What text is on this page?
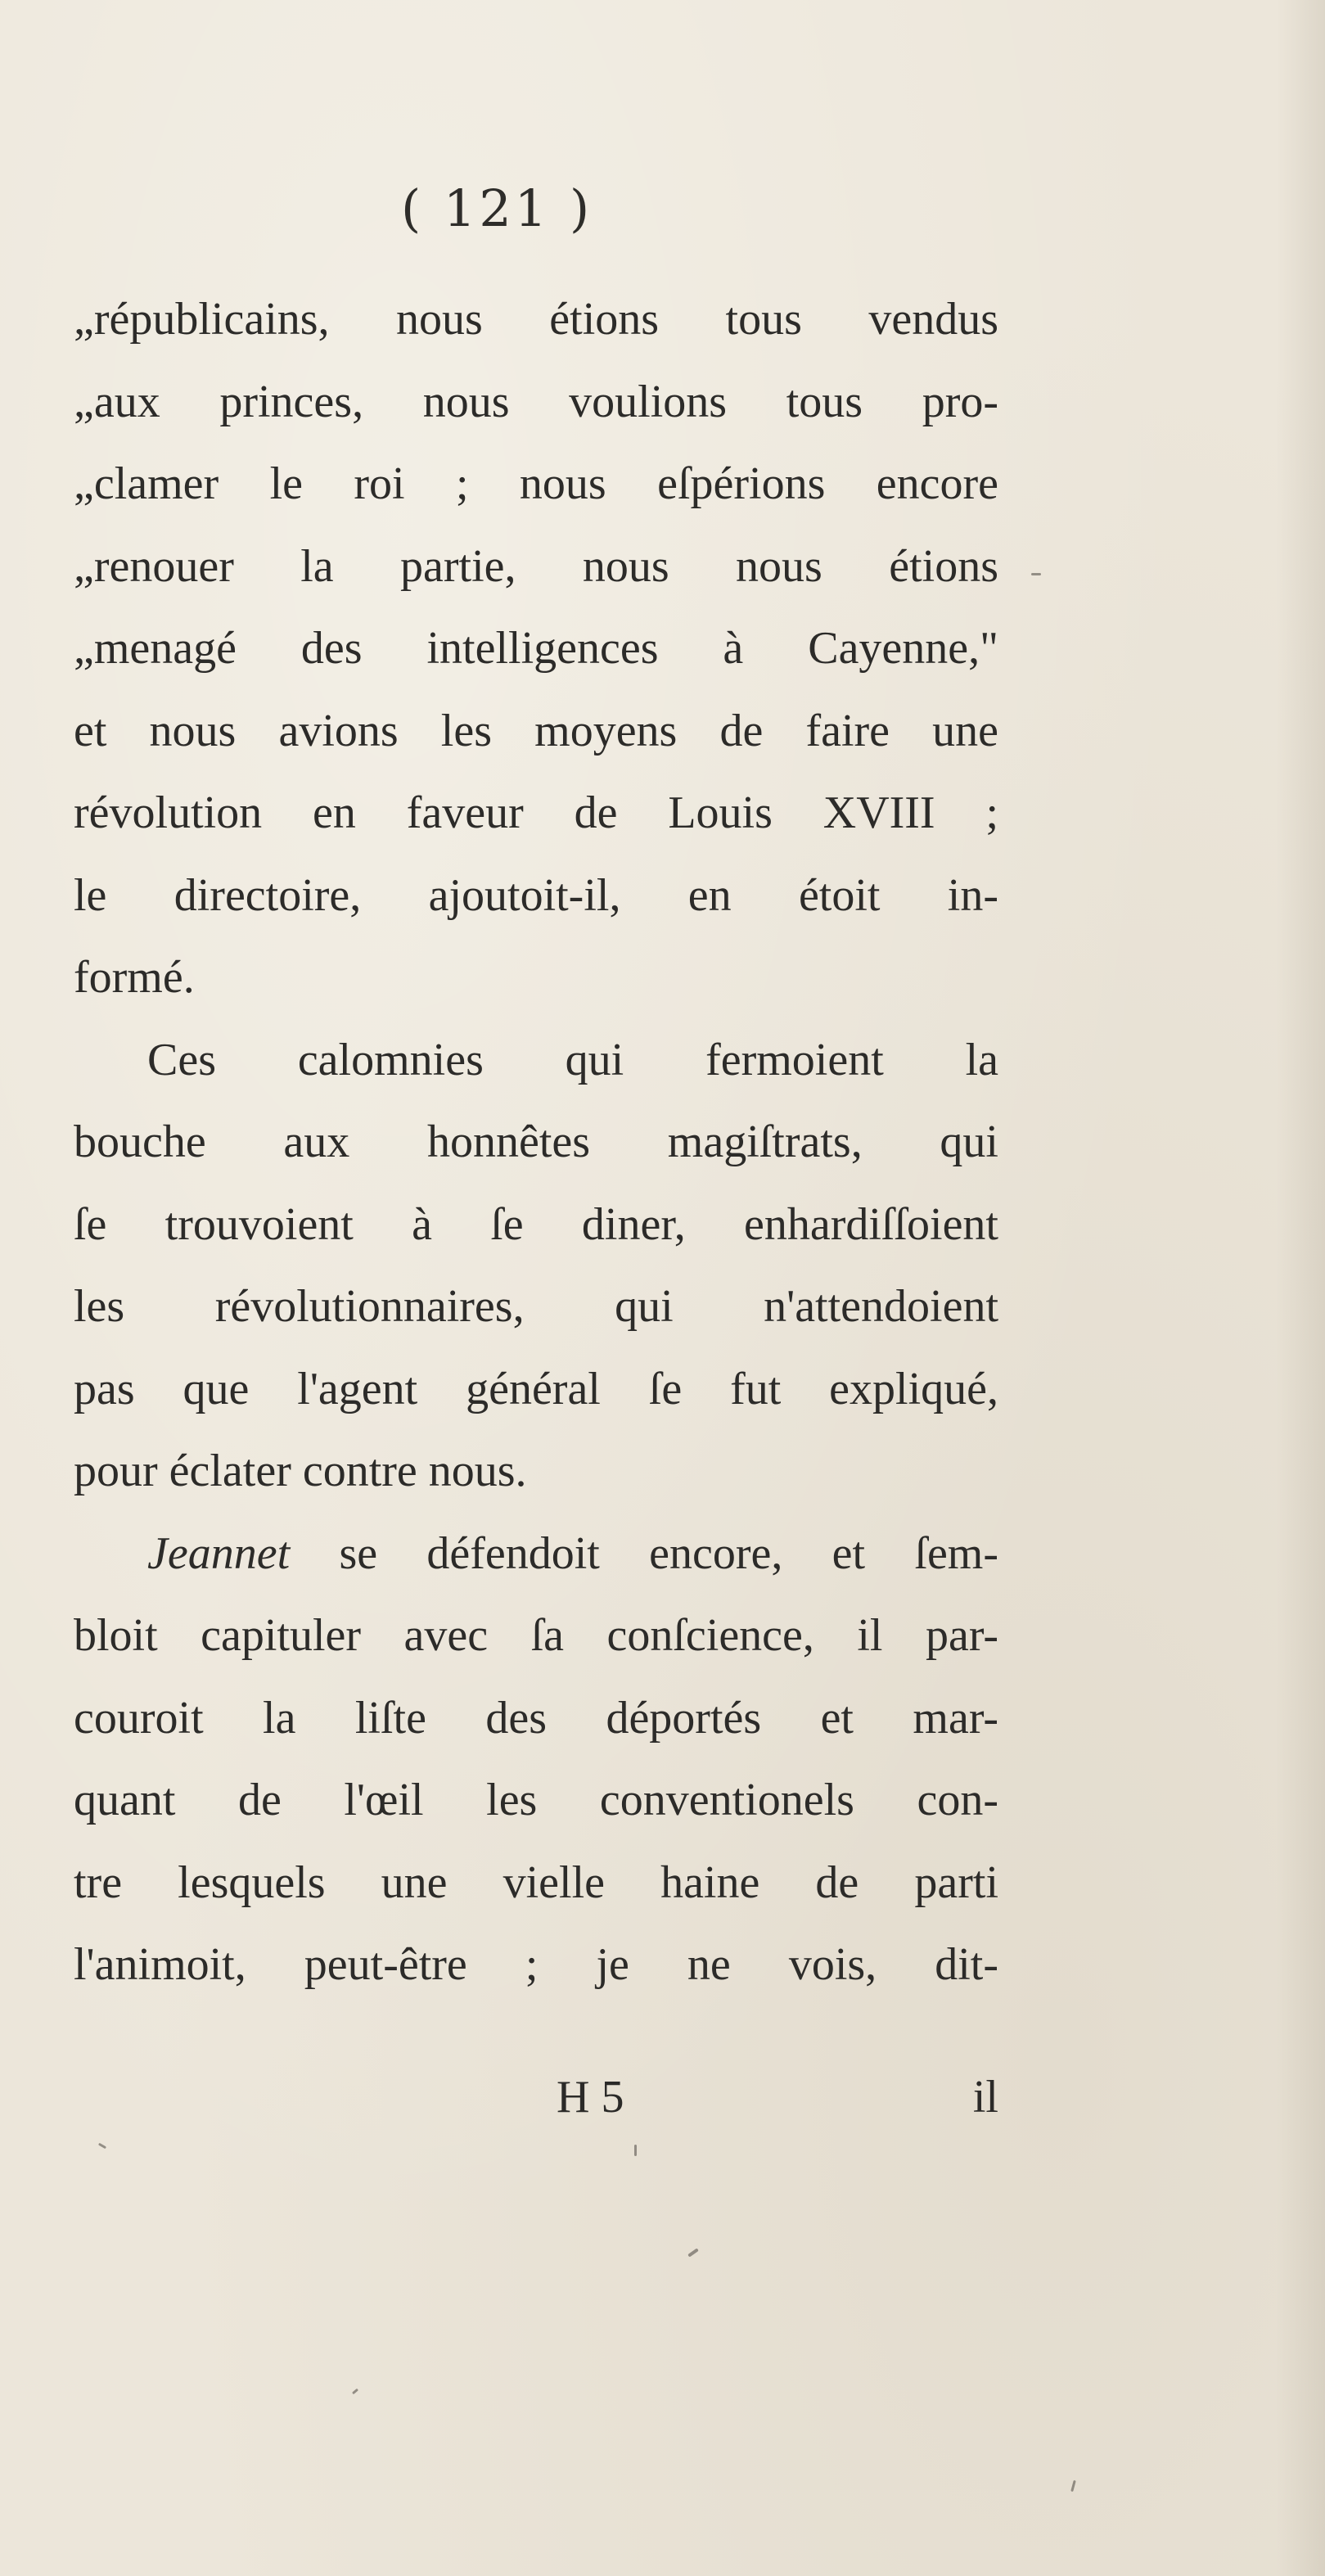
( 121 )
„républicains, nous étions tous vendus
„aux princes, nous voulions tous pro-
„clamer le roi ; nous eſpérions encore
„renouer la partie, nous nous étions
„menagé des intelligences à Cayenne,"
et nous avions les moyens de faire une
révolution en faveur de Louis XVIII ;
le directoire, ajoutoit-il, en étoit in-
formé.
Ces calomnies qui fermoient la
bouche aux honnêtes magiſtrats, qui
ſe trouvoient à ſe diner, enhardiſſoient
les révolutionnaires, qui n'attendoient
pas que l'agent général ſe fut expliqué,
pour éclater contre nous.
Jeannet se défendoit encore, et ſem-
bloit capituler avec ſa conſcience, il par-
couroit la liſte des déportés et mar-
quant de l'œil les conventionels con-
tre lesquels une vielle haine de parti
l'animoit, peut-être ; je ne vois, dit-
H 5	il
